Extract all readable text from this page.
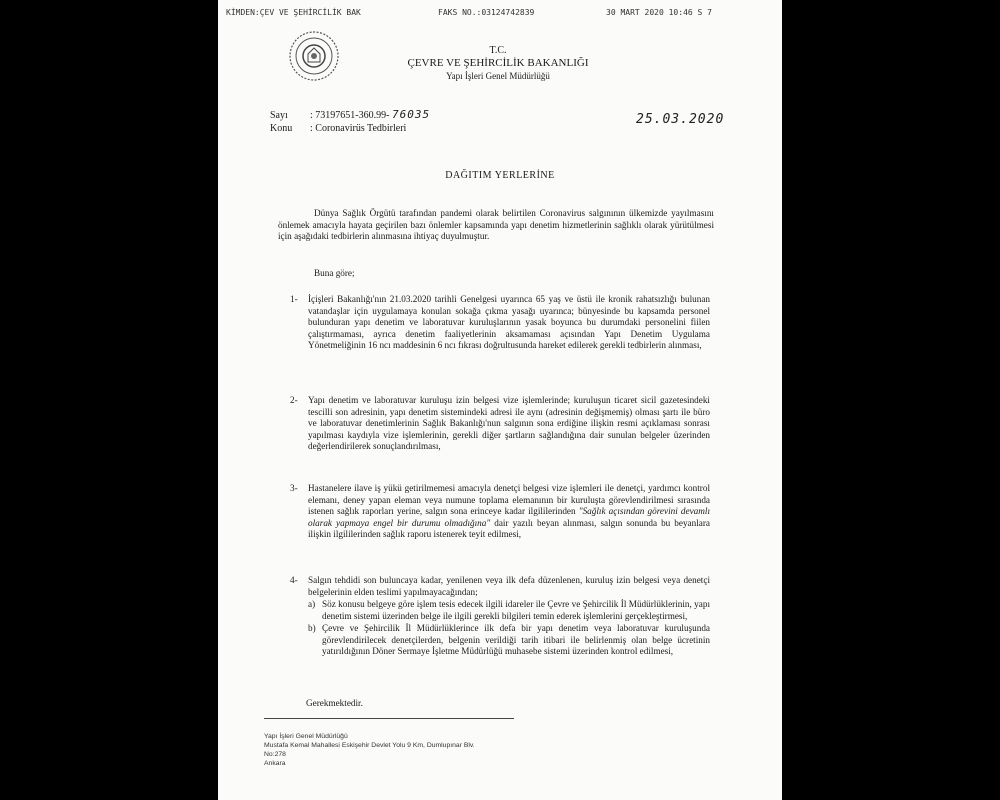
KİMDEN:ÇEV VE ŞEHİRCİLİK BAK	FAKS NO.:03124742839	30 MART 2020 10:46 S 7
T.C.
ÇEVRE VE ŞEHİRCİLİK BAKANLIĞI
Yapı İşleri Genel Müdürlüğü
Sayı : 73197651-360.99- 76035
Konu : Coronavirüs Tedbirleri
25.03.2020
DAĞITIM YERLERİNE
Dünya Sağlık Örgütü tarafından pandemi olarak belirtilen Coronavirus salgınının ülkemizde yayılmasını önlemek amacıyla hayata geçirilen bazı önlemler kapsamında yapı denetim hizmetlerinin sağlıklı olarak yürütülmesi için aşağıdaki tedbirlerin alınmasına ihtiyaç duyulmuştur.
Buna göre;
1- İçişleri Bakanlığı'nın 21.03.2020 tarihli Genelgesi uyarınca 65 yaş ve üstü ile kronik rahatsızlığı bulunan vatandaşlar için uygulamaya konulan sokağa çıkma yasağı uyarınca; bünyesinde bu kapsamda personel bulunduran yapı denetim ve laboratuvar kuruluşlarının yasak boyunca bu durumdaki personelini fiilen çalıştırmaması, ayrıca denetim faaliyetlerinin aksamaması açısından Yapı Denetim Uygulama Yönetmeliğinin 16 ncı maddesinin 6 ncı fıkrası doğrultusunda hareket edilerek gerekli tedbirlerin alınması,
2- Yapı denetim ve laboratuvar kuruluşu izin belgesi vize işlemlerinde; kuruluşun ticaret sicil gazetesindeki tescilli son adresinin, yapı denetim sistemindeki adresi ile aynı (adresinin değişmemiş) olması şartı ile büro ve laboratuvar denetimlerinin Sağlık Bakanlığı'nun salgının sona erdiğine ilişkin resmi açıklaması sonrası yapılması kaydıyla vize işlemlerinin, gerekli diğer şartların sağlandığına dair sunulan belgeler üzerinden değerlendirilerek sonuçlandırılması,
3- Hastanelere ilave iş yükü getirilmemesi amacıyla denetçi belgesi vize işlemleri ile denetçi, yardımcı kontrol elemanı, deney yapan eleman veya numune toplama elemanının bir kuruluşta görevlendirilmesi sırasında istenen sağlık raporları yerine, salgın sona erinceye kadar ilgililerinden "Sağlık açısından görevini devamlı olarak yapmaya engel bir durumu olmadığına" dair yazılı beyan alınması, salgın sonunda bu beyanlara ilişkin ilgililerinden sağlık raporu istenerek teyit edilmesi,
4- Salgın tehdidi son buluncaya kadar, yenilenen veya ilk defa düzenlenen, kuruluş izin belgesi veya denetçi belgelerinin elden teslimi yapılmayacağından;
a) Söz konusu belgeye göre işlem tesis edecek ilgili idareler ile Çevre ve Şehircilik İl Müdürlüklerinin, yapı denetim sistemi üzerinden belge ile ilgili gerekli bilgileri temin ederek işlemlerini gerçekleştirmesi,
b) Çevre ve Şehircilik İl Müdürlüklerince ilk defa bir yapı denetim veya laboratuvar kuruluşunda görevlendirilecek denetçilerden, belgenin verildiği tarih itibari ile belirlenmiş olan belge ücretinin yatırıldığının Döner Sermaye İşletme Müdürlüğü muhasebe sistemi üzerinden kontrol edilmesi,
Gerekmektedir.
Yapı İşleri Genel Müdürlüğü
Mustafa Kemal Mahallesi Eskişehir Devlet Yolu 9 Km, Dumlupınar Blv.
No:278
Ankara
